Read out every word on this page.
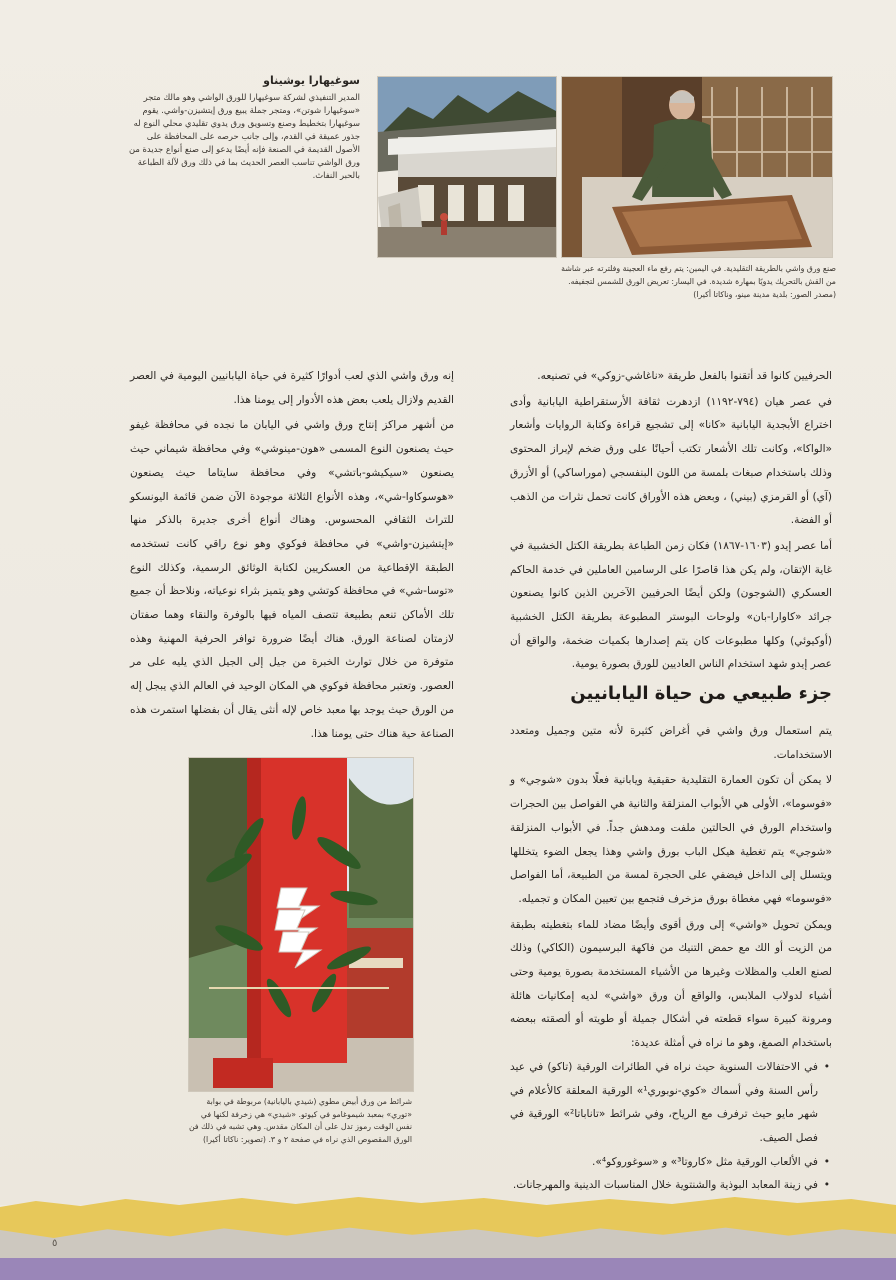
سوغيهارا يوشيناو

المدير التنفيذي لشركة سوغيهارا للورق الواشي وهو مالك متجر «سوغيهارا شوتن»، ومتجر جملة يبيع ورق إيتشيزن-واشي. يقوم سوغيهارا بتخطيط وصنع وتسويق ورق يدوي تقليدي محلي النوع له جذور عميقة في القدم، وإلى جانب حرصه على المحافظة على الأصول القديمة في الصنعة فإنه أيضًا يدعو إلى صنع أنواع جديدة من ورق الواشي تناسب العصر الحديث بما في ذلك ورق لآلة الطباعة بالحبر النفاث.

صنع ورق واشي بالطريقة التقليدية. في اليمين: يتم رفع ماء العجينة وفلترته عبر شاشة من القش بالتحريك يدويًا بمهارة شديدة. في اليسار: تعريض الورق للشمس لتجفيفه. (مصدر الصور: بلدية مدينة مينو، وناكاتا أكيرا)

الحرفيين كانوا قد أتقنوا بالفعل طريقة «ناغاشي-زوكي» في تصنيعه.

في عصر هيان (٧٩٤-١١٩٢) ازدهرت ثقافة الأرستقراطية اليابانية وأدى اختراع الأبجدية اليابانية «كانا» إلى تشجيع قراءة وكتابة الروايات وأشعار «الواكا»، وكانت تلك الأشعار تكتب أحيانًا على ورق ضخم لإبراز المحتوى وذلك باستخدام صبغات بلمسة من اللون البنفسجي (موراساكي) أو الأزرق (آي) أو القرمزي (بيني) ، وبعض هذه الأوراق كانت تحمل نثرات من الذهب أو الفضة.

أما عصر إيدو (١٦٠٣-١٨٦٧) فكان زمن الطباعة بطريقة الكتل الخشبية في غاية الإتقان، ولم يكن هذا قاصرًا على الرسامين العاملين في خدمة الحاكم العسكري (الشوجون) ولكن أيضًا الحرفيين الآخرين الذين كانوا يصنعون جرائد «كاوارا-بان» ولوحات البوستر المطبوعة بطريقة الكتل الخشبية (أوكيوئي) وكلها مطبوعات كان يتم إصدارها بكميات ضخمة، والواقع أن عصر إيدو شهد استخدام الناس العاديين للورق بصورة يومية.

جزء طبيعي من حياة اليابانيين

يتم استعمال ورق واشي في أغراض كثيرة لأنه متين وجميل ومتعدد الاستخدامات.

لا يمكن أن تكون العمارة التقليدية حقيقية ويابانية فعلًا بدون «شوجي» و «فوسوما»، الأولى هي الأبواب المنزلقة والثانية هي الفواصل بين الحجرات واستخدام الورق في الحالتين ملفت ومدهش جداً. في الأبواب المنزلقة «شوجي» يتم تغطية هيكل الباب بورق واشي وهذا يجعل الضوء يتخللها ويتسلل إلى الداخل فيضفي على الحجرة لمسة من الطبيعة، أما الفواصل «فوسوما» فهي مغطاة بورق مزخرف فتجمع بين تعيين المكان و تجميله.

ويمكن تحويل «واشي» إلى ورق أقوى وأيضًا مضاد للماء بتغطيته بطبقة من الزيت أو الك مع حمض التنيك من فاكهة البرسيمون (الكاكي) وذلك لصنع العلب والمظلات وغيرها من الأشياء المستخدمة بصورة يومية وحتى أشياء لدولاب الملابس، والواقع أن ورق «واشي» لديه إمكانيات هائلة ومرونة كبيرة سواء قطعته في أشكال جميلة أو طويته أو ألصقته ببعضه باستخدام الصمغ، وهو ما نراه في أمثلة عديدة:

• في الاحتفالات السنوية حيث نراه في الطائرات الورقية (تاكو) في عيد رأس السنة وفي أسماك «كوي-نوبوري¹» الورقية المعلقة كالأعلام في شهر مايو حيث ترفرف مع الرياح، وفي شرائط «تاناباتا²» الورقية في فصل الصيف.
• في الألعاب الورقية مثل «كاروتا³» و «سوغوروكو⁴».
• في زينة المعابد البوذية والشنتوية خلال المناسبات الدينية والمهرجانات.

إنه ورق واشي الذي لعب أدوارًا كثيرة في حياة اليابانيين اليومية في العصر القديم ولازال يلعب بعض هذه الأدوار إلى يومنا هذا.

من أشهر مراكز إنتاج ورق واشي في اليابان ما نجده في محافظة غيفو حيث يصنعون النوع المسمى «هون-مينوشي» وفي محافظة شيماني حيث يصنعون «سيكيشو-باتشي» وفي محافظة سايتاما حيث يصنعون «هوسوكاوا-شي»، وهذه الأنواع الثلاثة موجودة الآن ضمن قائمة اليونسكو للتراث الثقافي المحسوس. وهناك أنواع أخرى جديرة بالذكر منها «إيتشيزن-واشي» في محافظة فوكوي وهو نوع راقي كانت تستخدمه الطبقة الإقطاعية من العسكريين لكتابة الوثائق الرسمية، وكذلك النوع «توسا-شي» في محافظة كوتشي وهو يتميز بثراء نوعياته، ونلاحظ أن جميع تلك الأماكن تنعم بطبيعة تتصف المياه فيها بالوفرة والنقاء وهما صفتان لازمتان لصناعة الورق. هناك أيضًا ضرورة توافر الحرفية المهنية وهذه متوفرة من خلال توارث الخبرة من جيل إلى الجيل الذي يليه على مر العصور. وتعتبر محافظة فوكوي هي المكان الوحيد في العالم الذي يبجل إله من الورق حيث يوجد بها معبد خاص لإله أنثى يقال أن بفضلها استمرت هذه الصناعة حية هناك حتى يومنا هذا.

شرائط من ورق أبيض مطوي (شيدي باليابانية) مربوطة في بوابة «توري» بمعبد شيموغامو في كيوتو. «شيدي» هي زخرفة لكنها في نفس الوقت رموز تدل على أن المكان مقدس. وهي تشبه في ذلك فن الورق المقصوص الذي نراه في صفحة ٢ و ٣. (تصوير: ناكاتا أكيرا)
٥
